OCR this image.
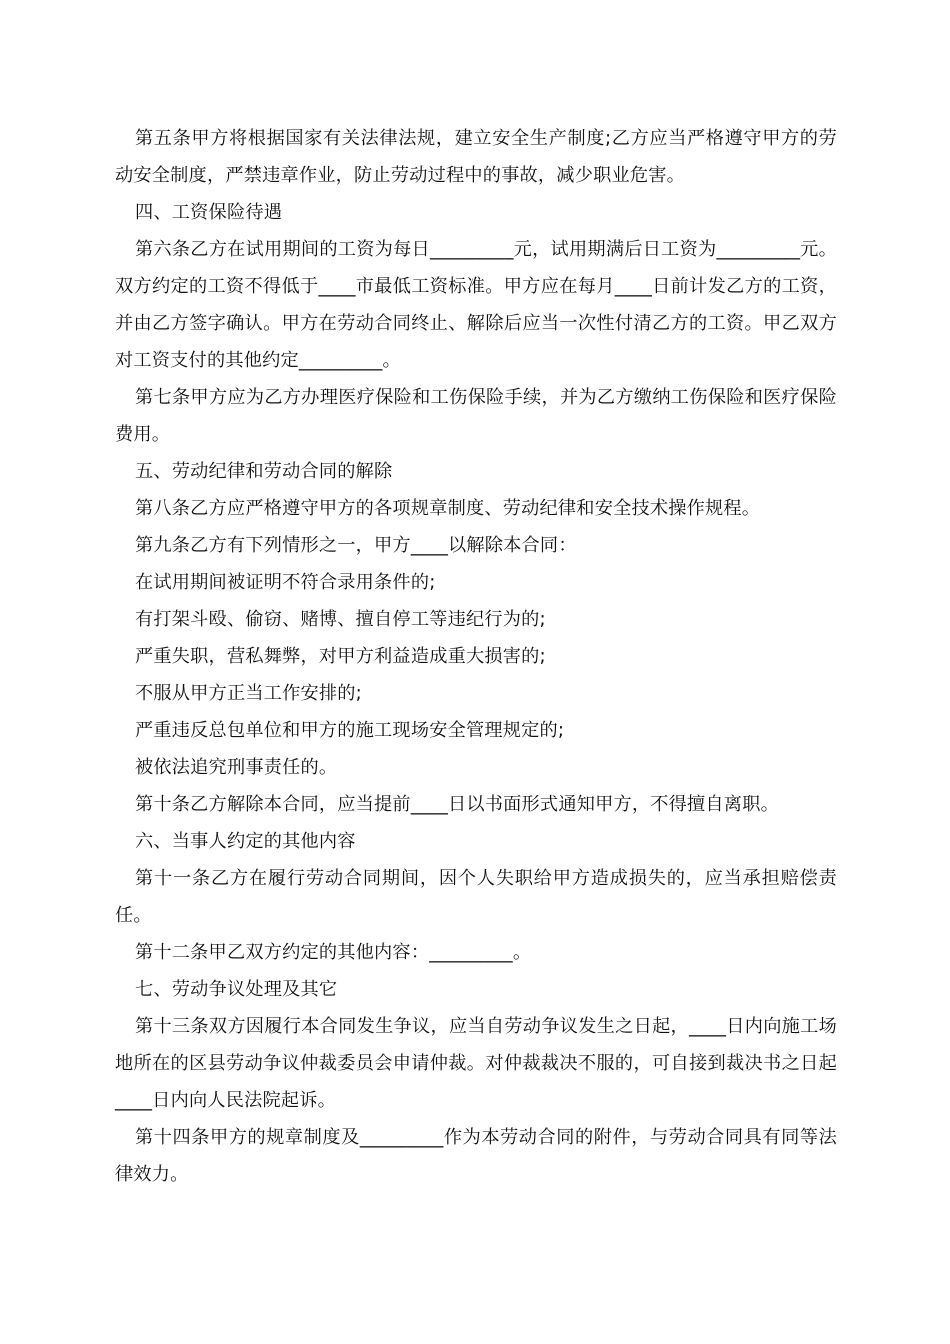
第五条甲方将根据国家有关法律法规，建立安全生产制度;乙方应当严格遵守甲方的劳动安全制度，严禁违章作业，防止劳动过程中的事故，减少职业危害。

四、工资保险待遇

第六条乙方在试用期间的工资为每日_________元，试用期满后日工资为_________元。双方约定的工资不得低于____市最低工资标准。甲方应在每月____日前计发乙方的工资，并由乙方签字确认。甲方在劳动合同终止、解除后应当一次性付清乙方的工资。甲乙双方对工资支付的其他约定_________。

第七条甲方应为乙方办理医疗保险和工伤保险手续，并为乙方缴纳工伤保险和医疗保险费用。

五、劳动纪律和劳动合同的解除

第八条乙方应严格遵守甲方的各项规章制度、劳动纪律和安全技术操作规程。

第九条乙方有下列情形之一，甲方____以解除本合同：

在试用期间被证明不符合录用条件的;

有打架斗殴、偷窃、赌博、擅自停工等违纪行为的;

严重失职，营私舞弊，对甲方利益造成重大损害的;

不服从甲方正当工作安排的;

严重违反总包单位和甲方的施工现场安全管理规定的;

被依法追究刑事责任的。

第十条乙方解除本合同，应当提前____日以书面形式通知甲方，不得擅自离职。

六、当事人约定的其他内容

第十一条乙方在履行劳动合同期间，因个人失职给甲方造成损失的，应当承担赔偿责任。

第十二条甲乙双方约定的其他内容：_________。

七、劳动争议处理及其它

第十三条双方因履行本合同发生争议，应当自劳动争议发生之日起，____日内向施工场地所在的区县劳动争议仲裁委员会申请仲裁。对仲裁裁决不服的，可自接到裁决书之日起____日内向人民法院起诉。

第十四条甲方的规章制度及_________作为本劳动合同的附件，与劳动合同具有同等法律效力。
